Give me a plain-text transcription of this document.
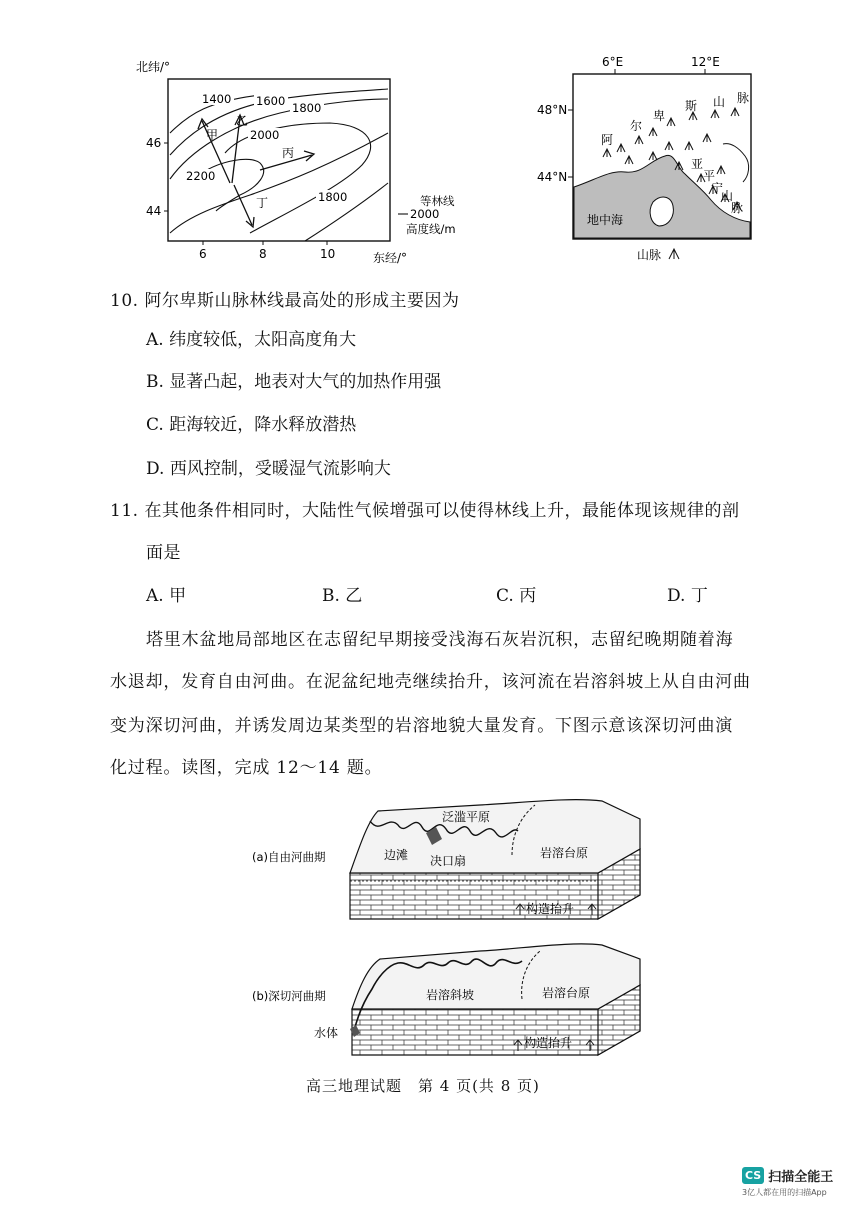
北纬/°
东经/°
46
44
6	8	10
1400 1600 1800
2000
2200
1800
甲
乙
丙
丁
2000
等林线
高度线/m
6°E	12°E
48°N
44°N
地中海
阿
尔
卑
斯 山 脉
亚
平
宁
山
脉
山脉
10. 阿尔卑斯山脉林线最高处的形成主要因为
A. 纬度较低，太阳高度角大
B. 显著凸起，地表对大气的加热作用强
C. 距海较近，降水释放潜热
D. 西风控制，受暖湿气流影响大
11. 在其他条件相同时，大陆性气候增强可以使得林线上升，最能体现该规律的剖
面是
A. 甲	B. 乙	C. 丙	D. 丁
塔里木盆地局部地区在志留纪早期接受浅海石灰岩沉积，志留纪晚期随着海
水退却，发育自由河曲。在泥盆纪地壳继续抬升，该河流在岩溶斜坡上从自由河曲
变为深切河曲，并诱发周边某类型的岩溶地貌大量发育。下图示意该深切河曲演
化过程。读图，完成 12～14 题。
(a)自由河曲期
泛滥平原
边滩 决口扇
岩溶台原
构造抬升
(b)深切河曲期	岩溶斜坡	岩溶台原
水体
构造抬升
高三地理试题　第 4 页(共 8 页)
CS 扫描全能王
3亿人都在用的扫描App
